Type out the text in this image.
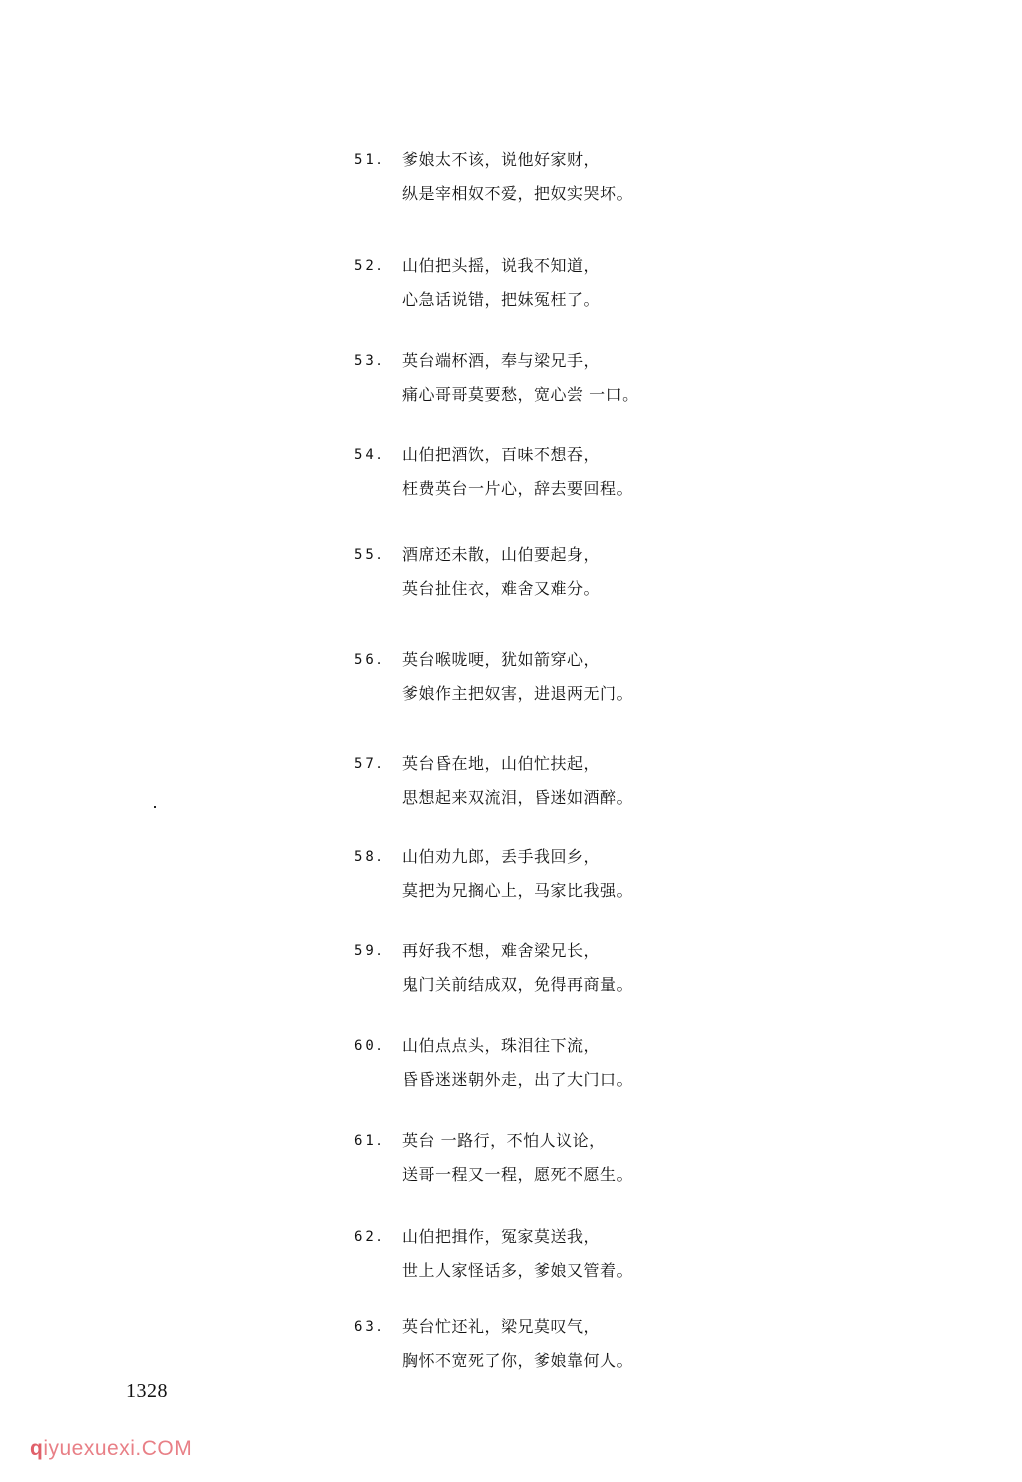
51． 爹娘太不该，说他好家财，
纵是宰相奴不爱，把奴实哭坏。
52． 山伯把头摇，说我不知道，
心急话说错，把妹冤枉了。
53． 英台端杯酒，奉与梁兄手，
痛心哥哥莫要愁，宽心尝 一口。
54． 山伯把酒饮，百味不想吞，
枉费英台一片心，辞去要回程。
55． 酒席还未散，山伯要起身，
英台扯住衣，难舍又难分。
56． 英台喉咙哽，犹如箭穿心，
爹娘作主把奴害，进退两无门。
57． 英台昏在地，山伯忙扶起，
思想起来双流泪，昏迷如酒醉。
58． 山伯劝九郎，丢手我回乡，
莫把为兄搁心上，马家比我强。
59． 再好我不想，难舍梁兄长，
鬼门关前结成双，免得再商量。
60． 山伯点点头，珠泪往下流，
昏昏迷迷朝外走，出了大门口。
61． 英台 一路行，不怕人议论，
送哥一程又一程，愿死不愿生。
62． 山伯把揖作，冤家莫送我，
世上人家怪话多，爹娘又管着。
63． 英台忙还礼，梁兄莫叹气，
胸怀不宽死了你，爹娘靠何人。
1328
qiyuexuexi.COM
